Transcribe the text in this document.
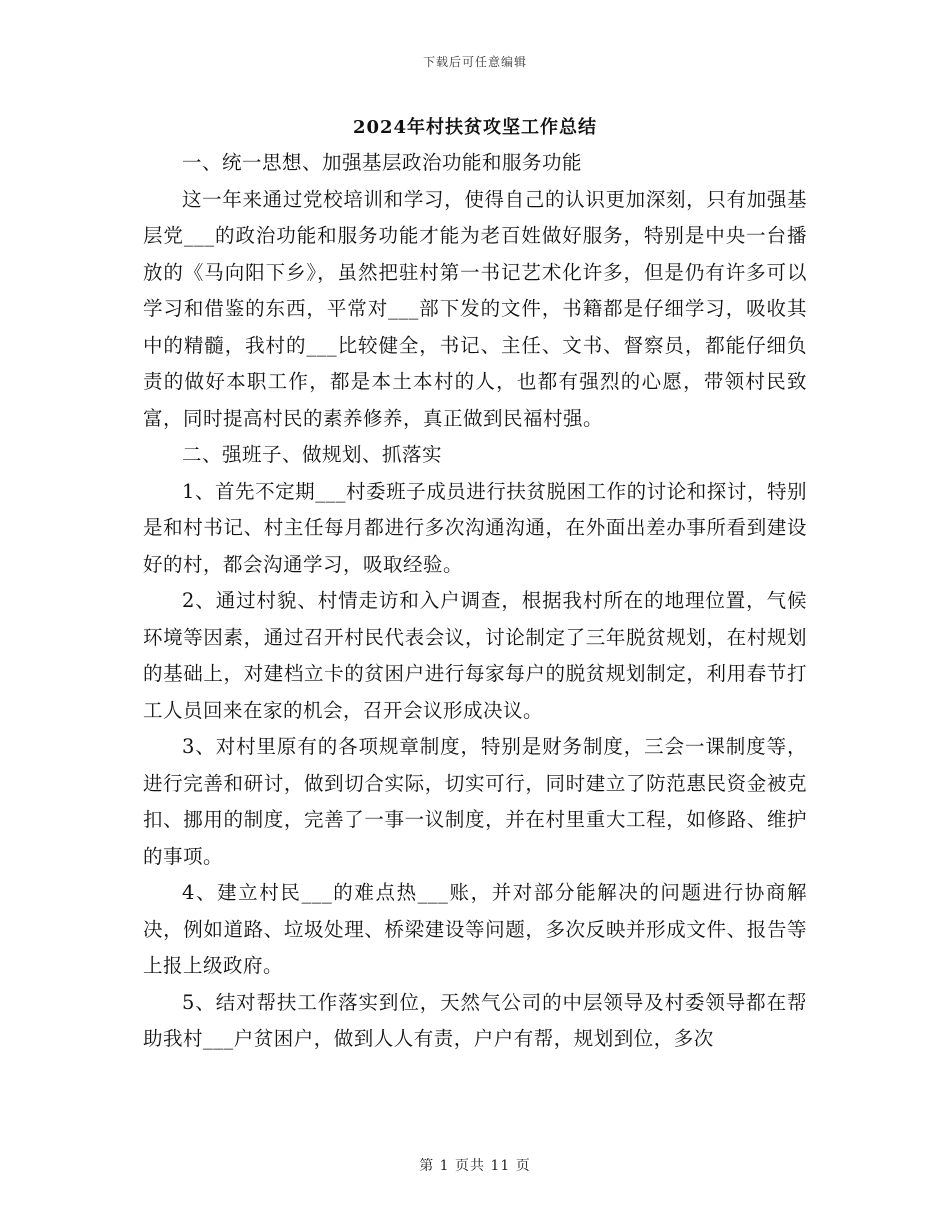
下载后可任意编辑
2024年村扶贫攻坚工作总结

一、统一思想、加强基层政治功能和服务功能

这一年来通过党校培训和学习，使得自己的认识更加深刻，只有加强基层党___的政治功能和服务功能才能为老百姓做好服务，特别是中央一台播放的《马向阳下乡》，虽然把驻村第一书记艺术化许多，但是仍有许多可以学习和借鉴的东西，平常对___部下发的文件，书籍都是仔细学习，吸收其中的精髓，我村的___比较健全，书记、主任、文书、督察员，都能仔细负责的做好本职工作，都是本土本村的人，也都有强烈的心愿，带领村民致富，同时提高村民的素养修养，真正做到民福村强。

二、强班子、做规划、抓落实

1、首先不定期___村委班子成员进行扶贫脱困工作的讨论和探讨，特别是和村书记、村主任每月都进行多次沟通沟通，在外面出差办事所看到建设好的村，都会沟通学习，吸取经验。

2、通过村貌、村情走访和入户调查，根据我村所在的地理位置，气候环境等因素，通过召开村民代表会议，讨论制定了三年脱贫规划，在村规划的基础上，对建档立卡的贫困户进行每家每户的脱贫规划制定，利用春节打工人员回来在家的机会，召开会议形成决议。

3、对村里原有的各项规章制度，特别是财务制度，三会一课制度等，进行完善和研讨，做到切合实际，切实可行，同时建立了防范惠民资金被克扣、挪用的制度，完善了一事一议制度，并在村里重大工程，如修路、维护的事项。

4、建立村民___的难点热___账，并对部分能解决的问题进行协商解决，例如道路、垃圾处理、桥梁建设等问题，多次反映并形成文件、报告等上报上级政府。

5、结对帮扶工作落实到位，天然气公司的中层领导及村委领导都在帮助我村___户贫困户，做到人人有责，户户有帮，规划到位，多次

第 1 页共 11 页
